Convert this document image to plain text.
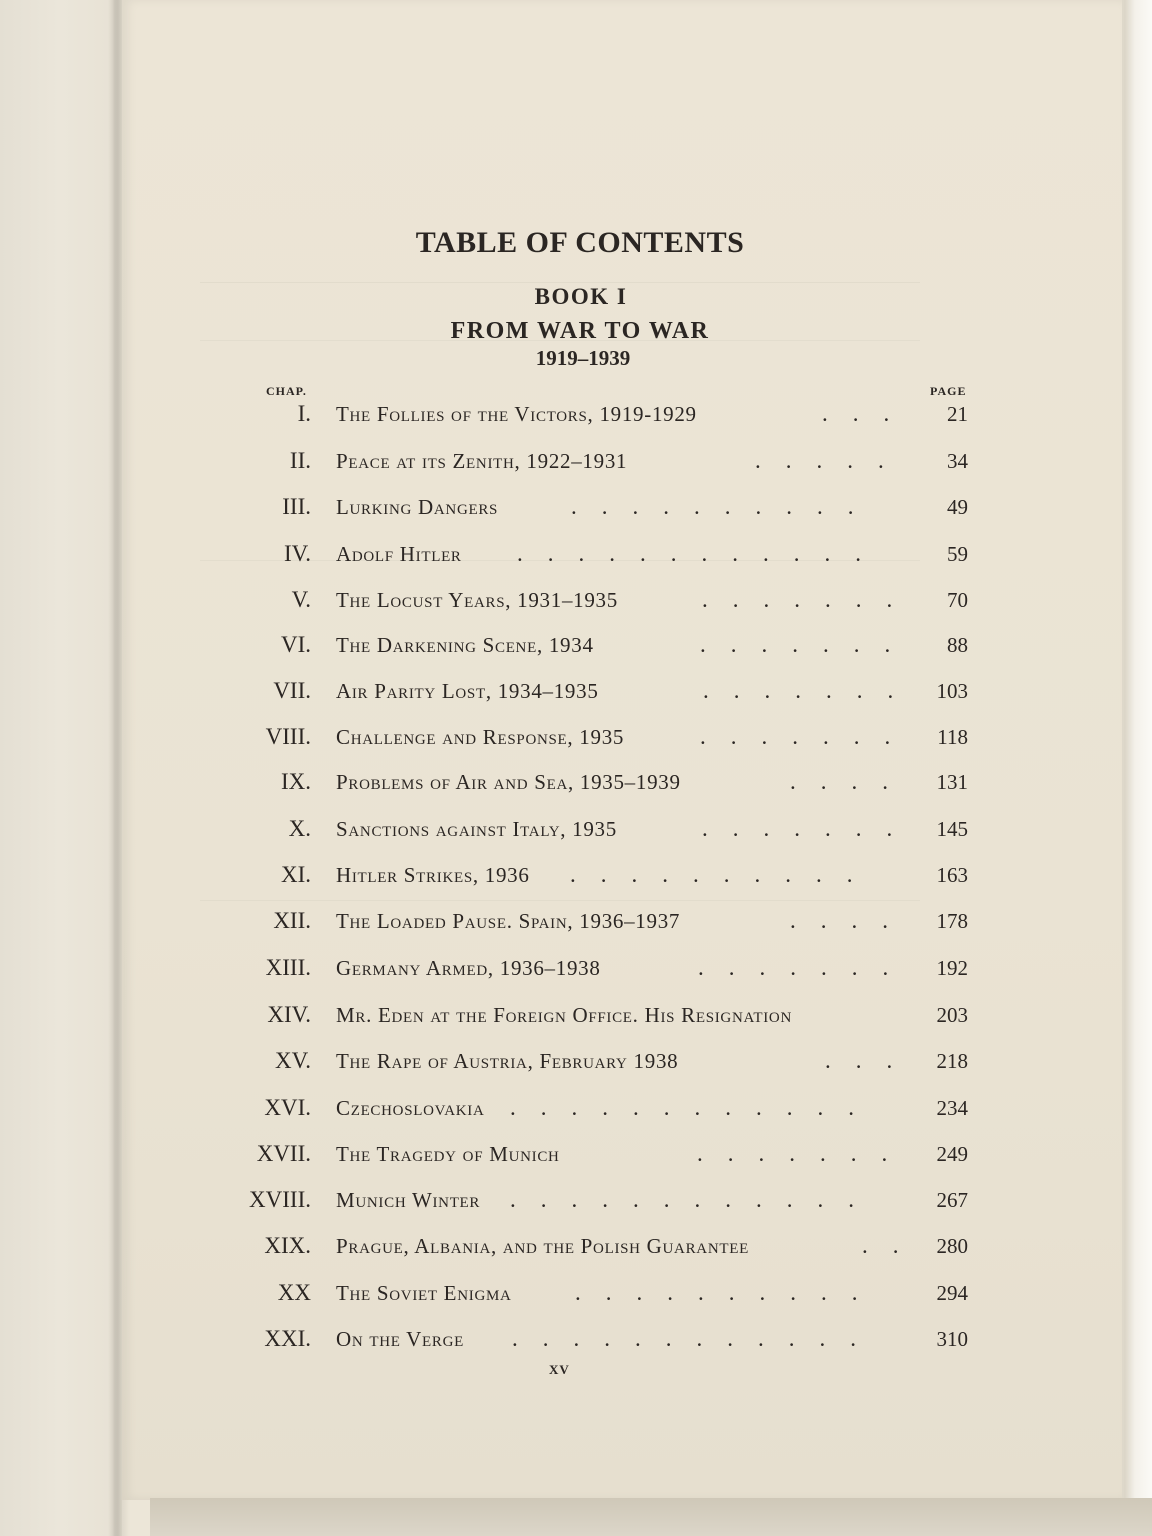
TABLE OF CONTENTS
BOOK I
FROM WAR TO WAR
1919–1939
CHAP.	PAGE
I. The Follies of the Victors, 1919-1929	... 21
II. Peace at its Zenith, 1922–1931	..... 34
III. Lurking Dangers	..........	49
IV. Adolf Hitler ............	59
V. The Locust Years, 1931–1935	....... 70
VI. The Darkening Scene, 1934	....... 88
VII. Air Parity Lost, 1934–1935	....... 103
VIII. Challenge and Response, 1935	....... 118
IX. Problems of Air and Sea, 1935–1939	.... 131
X. Sanctions against Italy, 1935	....... 145
XI. Hitler Strikes, 1936 ..........	163
XII. The Loaded Pause. Spain, 1936–1937	.... 178
XIII. Germany Armed, 1936–1938	....... 192
XIV. Mr. Eden at the Foreign Office. His Resignation	203
XV. The Rape of Austria, February 1938	... 218
XVI. Czechoslovakia ............	234
XVII. The Tragedy of Munich	....... 249
XVIII. Munich Winter ............	267
XIX. Prague, Albania, and the Polish Guarantee	.. 280
XX The Soviet Enigma	..........	294
XXI. On the Verge ............	310
XV
